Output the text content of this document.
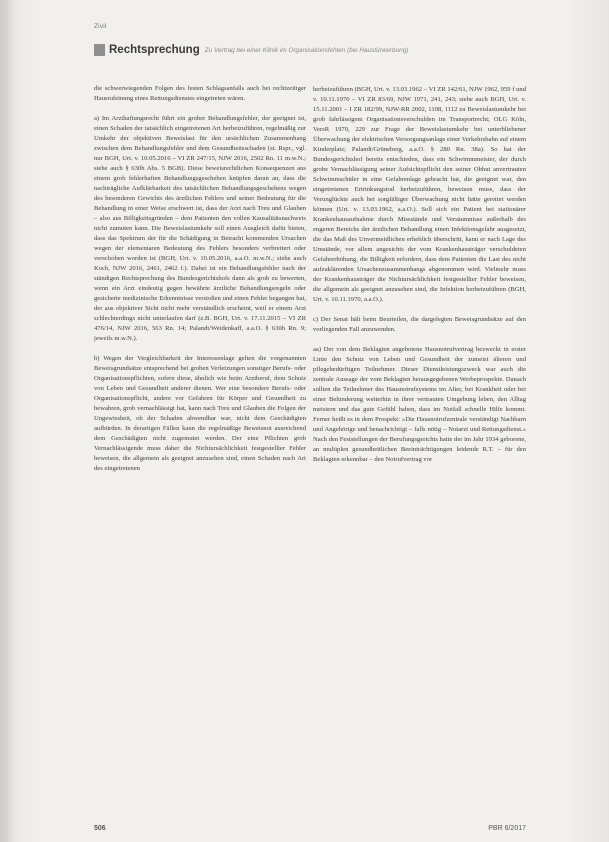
Zivil
Rechtsprechung Zu Vertrag bei einer Klinik im Organisationsfehlen (bei Haustürwerbung)

die schwerwiegenden Folgen des festen Schlagsanfalls auch bei rechtzeitiger Hausrufeinung eines Rettungsdienstes eingetreten wären.

a) Im Arzthaftungsrecht führt ein grober Behandlungsfehler, der geeignet ist, einen Schaden der tatsächlich eingetretenen Art herbeizuführen, regelmäßig zur Umkehr der objektiven Beweislast für den ursächlichen Zusammenhang zwischen dem Behandlungsfehler und dem Gesundheitsschaden (st. Rspr., vgl. nur BGH, Urt. v. 10.05.2016 – VI ZR 247/15, NJW 2016, 2502 Rn. 11 m.w.N.; siehe auch § 630h Abs. 5 BGB). Diese beweisrechtlichen Konsequenzen aus einem grob fehlerhaften Behandlungsgeschehen knüpfen daran an, dass die nachträgliche Aufklärbarkeit des tatsächlichen Behandlungsgeschehens wegen des besonderen Gewichts des ärztlichen Fehlers und seiner Bedeutung für die Behandlung in einer Weise erschwert ist, dass der Arzt nach Treu und Glauben – also aus Billigkeitsgründen – dem Patienten den vollen Kausalitätsnachweis nicht zumuten kann. Die Beweislastumkehr soll einen Ausgleich dafür bieten, dass das Spektrum der für die Schädigung in Betracht kommenden Ursachen wegen der elementaren Bedeutung des Fehlers besonders verbreitert oder verschoben worden ist (BGH, Urt. v. 10.05.2016, a.a.O. m.w.N.; siehe auch Koch, NJW 2016, 2461, 2462 f.). Dabei ist ein Behandlungsfehler nach der ständigen Rechtsprechung des Bundesgerichtshofs dann als grob zu bewerten, wenn ein Arzt eindeutig gegen bewährte ärztliche Behandlungsregeln oder gesicherte medizinische Erkenntnisse verstoßen und einen Fehler begangen hat, der aus objektiver Sicht nicht mehr verständlich erscheint, weil er einem Arzt schlechterdings nicht unterlaufen darf (z.B. BGH, Urt. v. 17.11.2015 – VI ZR 476/14, NJW 2016, 563 Rn. 14; Palandt/Weidenkaff, a.a.O. § 630h Rn. 9; jeweils m.w.N.).

b) Wegen der Vergleichbarkeit der Interessenlage gelten die vorgenannten Beweisgrundsätze entsprechend bei groben Verletzungen sonstiger Berufs- oder Organisationspflichten, sofern diese, ähnlich wie beim Arztberuf, dem Schutz von Leben und Gesundheit anderer dienen. Wer eine besondere Berufs- oder Organisationspflicht, andere vor Gefahren für Körper und Gesundheit zu bewahren, grob vernachlässigt hat, kann nach Treu und Glauben die Folgen der Ungewissheit, ob der Schaden abwendbar war, nicht dem Geschädigten aufbürden. In derartigen Fällen kann die regelmäßige Beweisnot ausreichend dem Geschädigten nicht zugemutet werden. Der eine Pflichten grob Vernachlässigende muss daher die Nichtursächlichkeit festgestellter Fehler beweisen, die allgemein als geeignet anzusehen sind, einen Schaden nach Art des eingetretenen

herbeizuführen (BGH, Urt. v. 13.03.1962 – VI ZR 142/61, NJW 1962, 959 f und v. 10.11.1970 – VI ZR 83/69, NJW 1971, 241, 243; siehe auch BGH, Urt. v. 15.11.2001 – I ZR 182/99, NJW-RR 2002, 1108, 1112 zu Beweislastumkehr bei grob fahrlässigem Organisationsverschulden im Transportrecht; OLG Köln, VersR 1970, 229 zur Frage der Beweislastumkehr bei unterbliebener Überwachung der elektrischen Versorgungsanlage einer Verkehrsbahn auf einem Kinderplatz; Palandt/Grüneberg, a.a.O. § 280 Rn. 38a). So hat der Bundesgerichtshof bereits entschieden, dass ein Schwimmmeister, der durch grobe Vernachlässigung seiner Aufsichtspflicht den seiner Obhut anvertrauten Schwimmschüler in eine Gefahrenlage gebracht hat, die geeignet war, den eingetretenen Ertrinkungstod herbeizuführen, beweisen muss, dass der Verunglückte auch bei sorgfältiger Überwachung nicht hätte gerettet werden können (Urt. v. 13.03.1962, a.a.O.). Soll sich ein Patient bei stationärer Krankenhausaufnahme durch Missstände und Versäumnisse außerhalb des engeren Bereichs der ärztlichen Behandlung einen Infektionsgefahr ausgesetzt, die das Maß des Unvermeidlichen erheblich überschritt, kann er nach Lage des Umstände, vor allem angesichts der vom Krankenhausträger verschuldeten Gefahrerhöhung, die Billigkeit erfordern, dass dem Patienten die Last des nicht aufzuklärenden Ursachenzusammenhangs abgenommen wird. Vielmehr muss der Krankenhausträger die Nichtursächlichkeit festgestellter Fehler beweisen, die allgemein als geeignet anzusehen sind, die Infektion herbeizuführen (BGH, Urt. v. 10.11.1970, a.a.O.).

c) Der Senat hält beim Beurteilen, die dargelegten Beweisgrundsätze auf den vorliegenden Fall anzuwenden.

aa) Der von dem Beklagten angebotene Hausnotrufvertrag bezweckt in erster Linie den Schutz von Leben und Gesundheit der zumeist älteren und pflegebedürftigen Teilnehmer. Dieser Dienstleistungszweck war auch die zentrale Aussage der vom Beklagten herausgegebenen Werbeprospekte. Danach sollten die Teilnehmer des Hausnotrufsystems im Alter, bei Krankheit oder bei einer Behinderung weiterhin in ihrer vertrauten Umgebung leben, den Alltag meistern und das gute Gefühl haben, dass im Notfall schnelle Hilfe kommt. Ferner heißt es in dem Prospekt: »Die Hausnotrufzentrale verständigt Nachbarn und Angehörige und benachrichtigt – falls nötig – Notarzt und Rettungsdienst.« Nach den Feststellungen der Berufungsgerichts hatte der im Jahr 1934 geborene, an multiplen gesundheitlichen Beeinträchtigungen leidende R.T. – für den Beklagten erkennbar – den Notrufvertrag vor

506	PBR 6/2017
